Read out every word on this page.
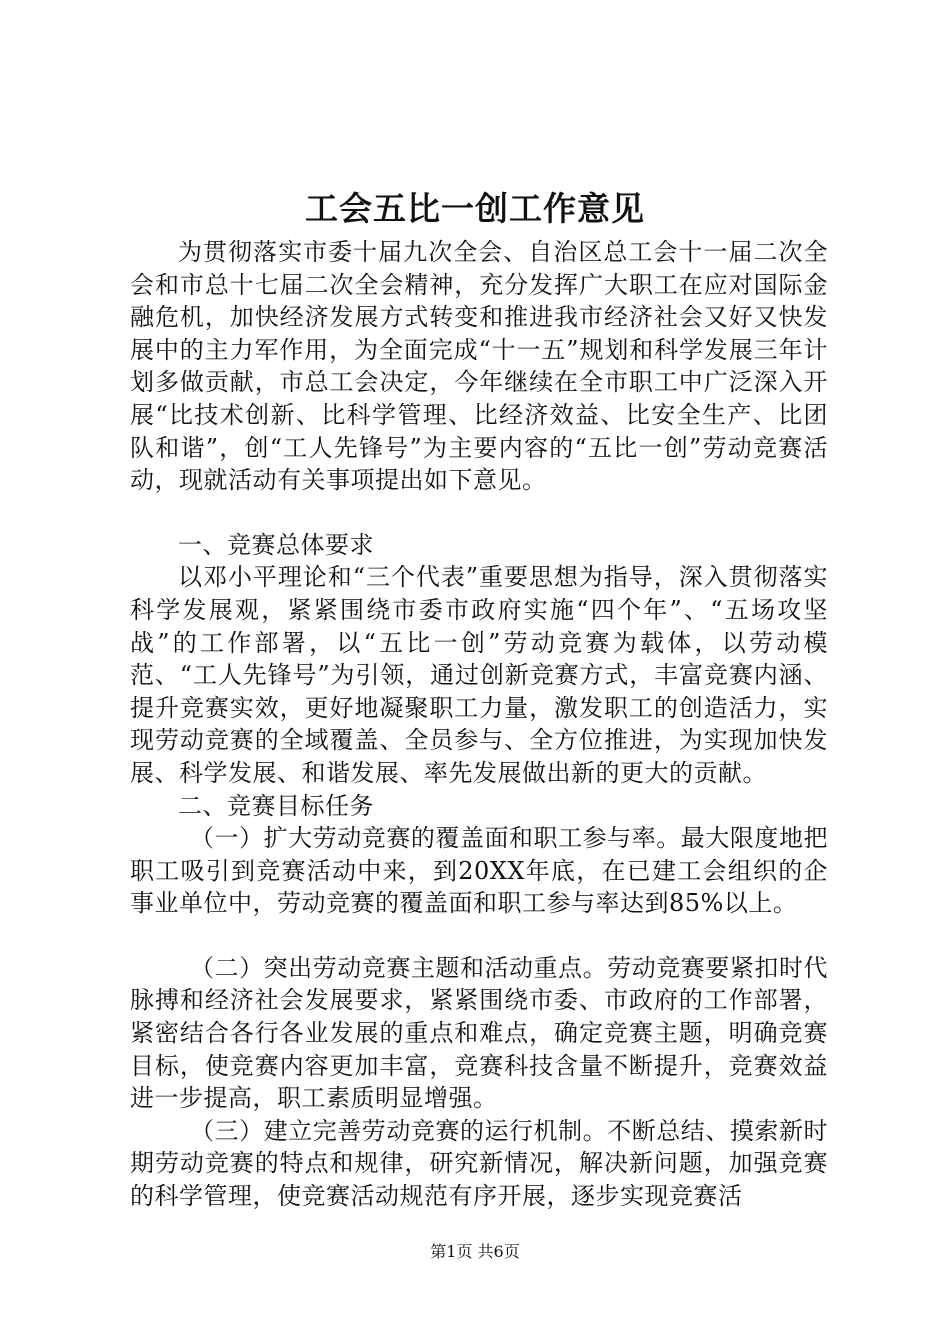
工会五比一创工作意见

为贯彻落实市委十届九次全会、自治区总工会十一届二次全会和市总十七届二次全会精神，充分发挥广大职工在应对国际金融危机，加快经济发展方式转变和推进我市经济社会又好又快发展中的主力军作用，为全面完成“十一五”规划和科学发展三年计划多做贡献，市总工会决定，今年继续在全市职工中广泛深入开展“比技术创新、比科学管理、比经济效益、比安全生产、比团队和谐”，创“工人先锋号”为主要内容的“五比一创”劳动竞赛活动，现就活动有关事项提出如下意见。

一、竞赛总体要求

以邓小平理论和“三个代表”重要思想为指导，深入贯彻落实科学发展观，紧紧围绕市委市政府实施“四个年”、“五场攻坚战”的工作部署，以“五比一创”劳动竞赛为载体，以劳动模范、“工人先锋号”为引领，通过创新竞赛方式，丰富竞赛内涵、提升竞赛实效，更好地凝聚职工力量，激发职工的创造活力，实现劳动竞赛的全域覆盖、全员参与、全方位推进，为实现加快发展、科学发展、和谐发展、率先发展做出新的更大的贡献。

二、竞赛目标任务

（一）扩大劳动竞赛的覆盖面和职工参与率。最大限度地把职工吸引到竞赛活动中来，到20XX年底，在已建工会组织的企事业单位中，劳动竞赛的覆盖面和职工参与率达到85%以上。

（二）突出劳动竞赛主题和活动重点。劳动竞赛要紧扣时代脉搏和经济社会发展要求，紧紧围绕市委、市政府的工作部署，紧密结合各行各业发展的重点和难点，确定竞赛主题，明确竞赛目标，使竞赛内容更加丰富，竞赛科技含量不断提升，竞赛效益进一步提高，职工素质明显增强。

（三）建立完善劳动竞赛的运行机制。不断总结、摸索新时期劳动竞赛的特点和规律，研究新情况，解决新问题，加强竞赛的科学管理，使竞赛活动规范有序开展，逐步实现竞赛活

第1页 共6页
